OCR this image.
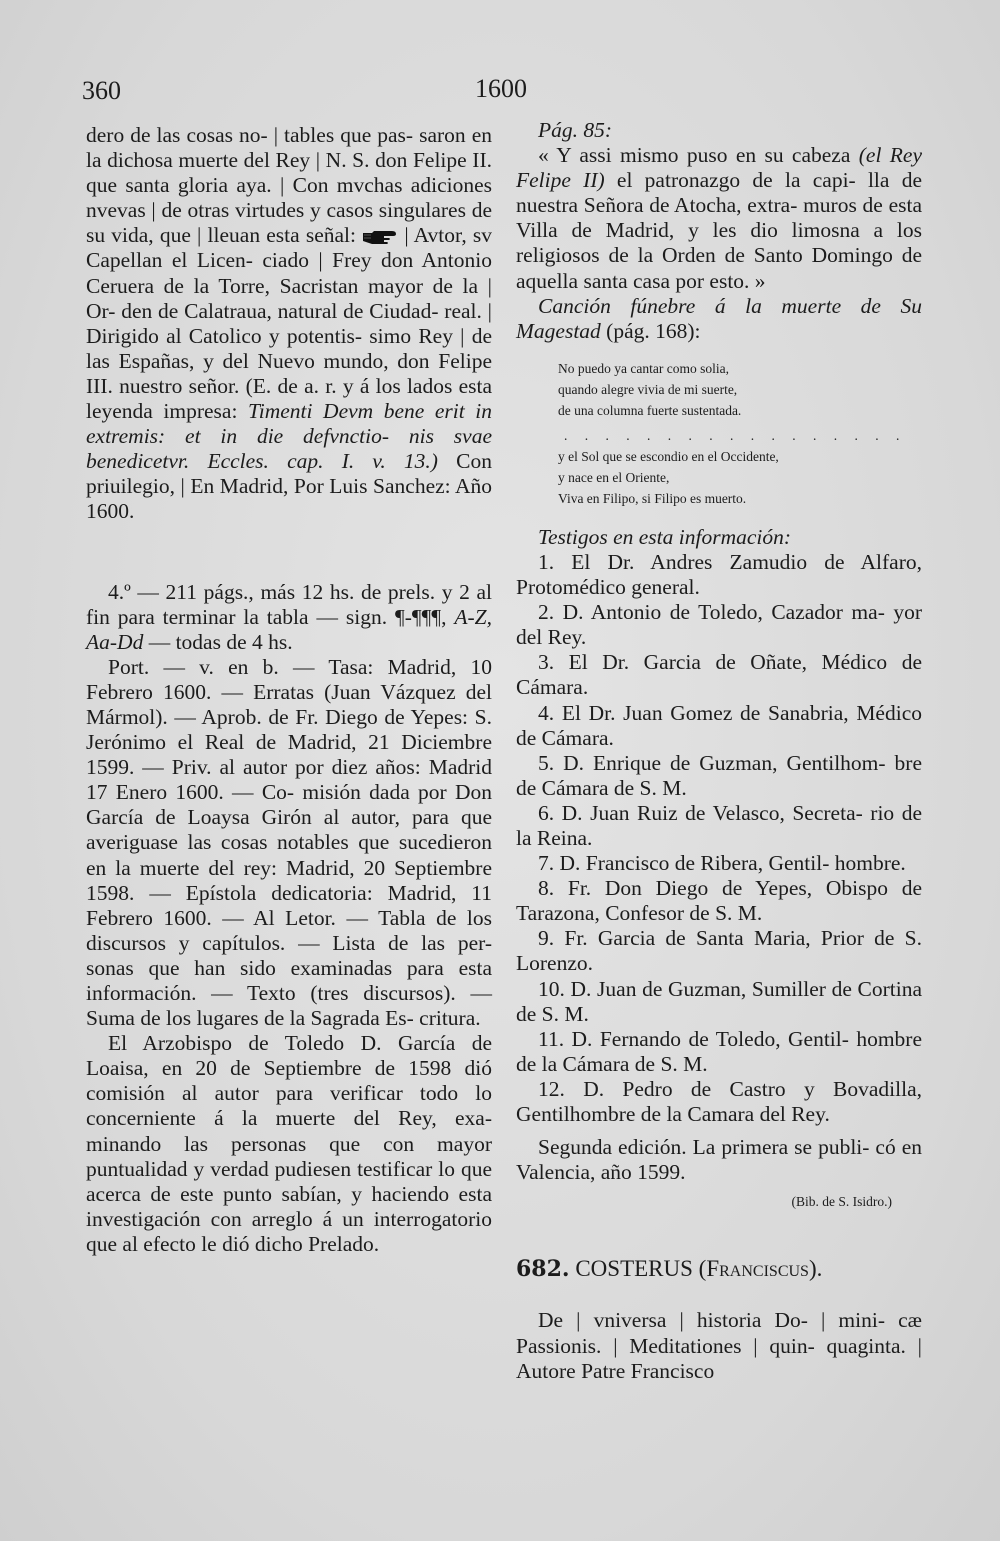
360	1600

dero de las cosas no- | tables que pas- saron en la dichosa muerte del Rey | N. S. don Felipe II. que santa gloria aya. | Con mvchas adiciones nvevas | de otras virtudes y casos singulares de su vida, que | lleuan esta señal:  | Avtor, sv Capellan el Licen- ciado | Frey don Antonio Ceruera de la Torre, Sacristan mayor de la | Or- den de Calatraua, natural de Ciudad- real. | Dirigido al Catolico y potentis- simo Rey | de las Españas, y del Nuevo mundo, don Felipe III. nuestro señor. (E. de a. r. y á los lados esta leyenda impresa: Timenti Devm bene erit in extremis: et in die defvnctio- nis svae benedicetvr. Eccles. cap. I. v. 13.) Con priuilegio, | En Madrid, Por Luis Sanchez: Año 1600.

4.º — 211 págs., más 12 hs. de prels. y 2 al fin para terminar la tabla — sign. ¶-¶¶¶, A-Z, Aa-Dd — todas de 4 hs.

Port. — v. en b. — Tasa: Madrid, 10 Febrero 1600. — Erratas (Juan Vázquez del Mármol). — Aprob. de Fr. Diego de Yepes: S. Jerónimo el Real de Madrid, 21 Diciembre 1599. — Priv. al autor por diez años: Madrid 17 Enero 1600. — Co- misión dada por Don García de Loaysa Girón al autor, para que averiguase las cosas notables que sucedieron en la muerte del rey: Madrid, 20 Septiembre 1598. — Epístola dedicatoria: Madrid, 11 Febrero 1600. — Al Letor. — Tabla de los discursos y capítulos. — Lista de las per- sonas que han sido examinadas para esta información. — Texto (tres discursos). — Suma de los lugares de la Sagrada Es- critura.

El Arzobispo de Toledo D. García de Loaisa, en 20 de Septiembre de 1598 dió comisión al autor para verificar todo lo concerniente á la muerte del Rey, exa- minando las personas que con mayor puntualidad y verdad pudiesen testificar lo que acerca de este punto sabían, y haciendo esta investigación con arreglo á un interrogatorio que al efecto le dió dicho Prelado.

Pág. 85:

« Y assi mismo puso en su cabeza (el Rey Felipe II) el patronazgo de la capi- lla de nuestra Señora de Atocha, extra- muros de esta Villa de Madrid, y les dio limosna a los religiosos de la Orden de Santo Domingo de aquella santa casa por esto. »

Canción fúnebre á la muerte de Su Magestad (pág. 168):

No puedo ya cantar como solia,
quando alegre vivia de mi suerte,
de una columna fuerte sustentada.

. . . . . . . . . . . . . . . . .

y el Sol que se escondio en el Occidente,
y nace en el Oriente,
Viva en Filipo, si Filipo es muerto.

Testigos en esta información:

1. El Dr. Andres Zamudio de Alfaro, Protomédico general.

2. D. Antonio de Toledo, Cazador ma- yor del Rey.

3. El Dr. Garcia de Oñate, Médico de Cámara.

4. El Dr. Juan Gomez de Sanabria, Médico de Cámara.

5. D. Enrique de Guzman, Gentilhom- bre de Cámara de S. M.

6. D. Juan Ruiz de Velasco, Secreta- rio de la Reina.

7. D. Francisco de Ribera, Gentil- hombre.

8. Fr. Don Diego de Yepes, Obispo de Tarazona, Confesor de S. M.

9. Fr. Garcia de Santa Maria, Prior de S. Lorenzo.

10. D. Juan de Guzman, Sumiller de Cortina de S. M.

11. D. Fernando de Toledo, Gentil- hombre de la Cámara de S. M.

12. D. Pedro de Castro y Bovadilla, Gentilhombre de la Camara del Rey.

Segunda edición. La primera se publi- có en Valencia, año 1599.

(Bib. de S. Isidro.)

682. COSTERUS (Franciscus).

De | vniversa | historia Do- | mini- cæ Passionis. | Meditationes | quin- quaginta. | Autore Patre Francisco
